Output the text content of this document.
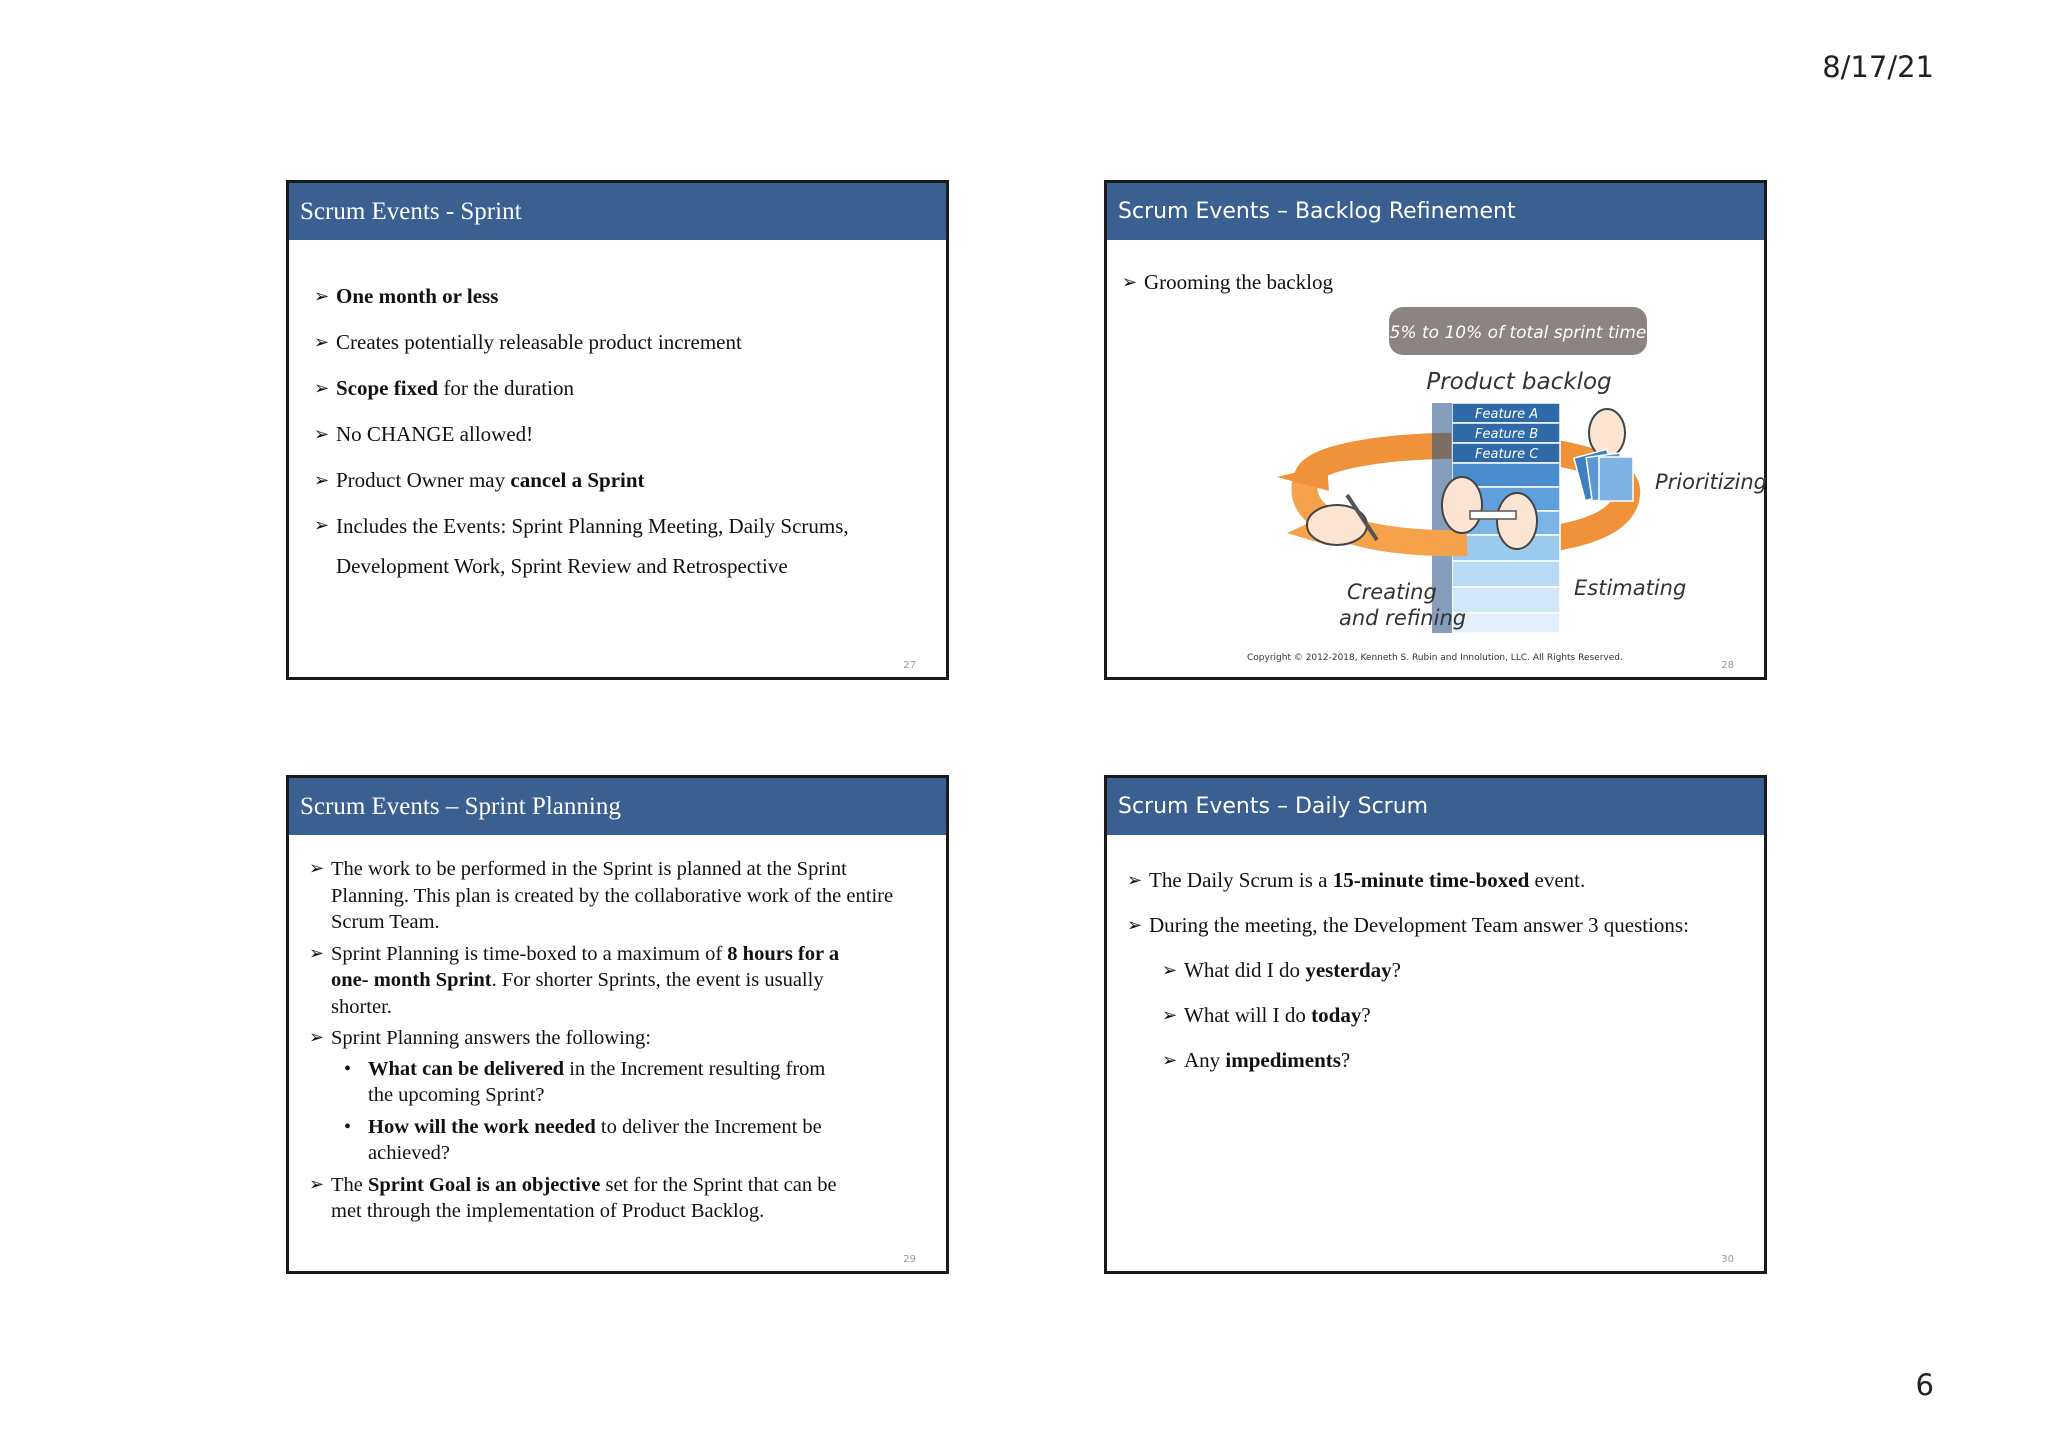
8/17/21
Scrum Events - Sprint
➢ One month or less
➢ Creates potentially releasable product increment
➢ Scope fixed for the duration
➢ No CHANGE allowed!
➢ Product Owner may cancel a Sprint
➢ Includes the Events: Sprint Planning Meeting, Daily Scrums,
Development Work, Sprint Review and Retrospective
27
Scrum Events – Backlog Refinement
➢ Grooming the backlog
5% to 10% of total sprint time
Product backlog
Feature A
Feature B
Feature C
Prioritizing
Creating
and refining
Estimating
Copyright © 2012-2018, Kenneth S. Rubin and Innolution, LLC. All Rights Reserved.
28
Scrum Events – Sprint Planning
➢ The work to be performed in the Sprint is planned at the Sprint
Planning. This plan is created by the collaborative work of the entire
Scrum Team.
➢ Sprint Planning is time-boxed to a maximum of 8 hours for a
one- month Sprint. For shorter Sprints, the event is usually
shorter.
➢ Sprint Planning answers the following:
• What can be delivered in the Increment resulting from
the upcoming Sprint?
• How will the work needed to deliver the Increment be
achieved?
➢ The Sprint Goal is an objective set for the Sprint that can be
met through the implementation of Product Backlog.
29
Scrum Events – Daily Scrum
➢ The Daily Scrum is a 15-minute time-boxed event.
➢ During the meeting, the Development Team answer 3 questions:
➢ What did I do yesterday?
➢ What will I do today?
➢ Any impediments?
30
6
